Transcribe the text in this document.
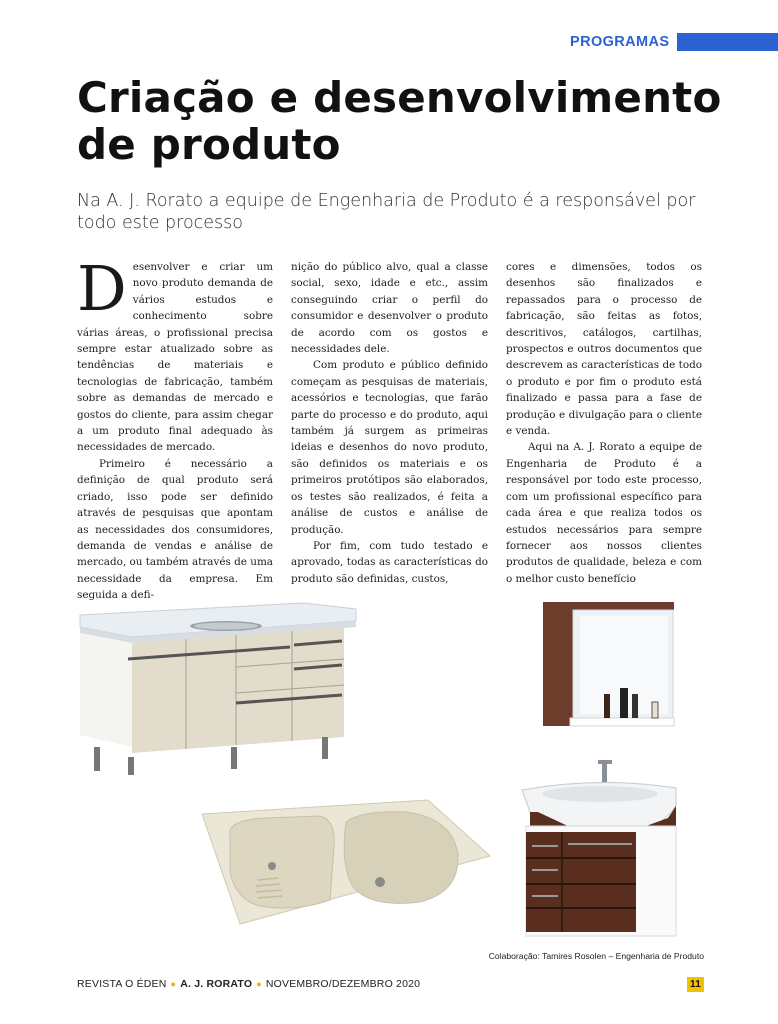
PROGRAMAS
Criação e desenvolvimento de produto

Na A. J. Rorato a equipe de Engenharia de Produto é a responsável por todo este processo

Desenvolver e criar um novo produto demanda de vários estudos e conhecimento sobre várias áreas, o profissional precisa sempre estar atualizado sobre as tendências de materiais e tecnologias de fabricação, também sobre as demandas de mercado e gostos do cliente, para assim chegar a um produto final adequado às necessidades de mercado.

Primeiro é necessário a definição de qual produto será criado, isso pode ser definido através de pesquisas que apontam as necessidades dos consumidores, demanda de vendas e análise de mercado, ou também através de uma necessidade da empresa. Em seguida a defi-

nição do público alvo, qual a classe social, sexo, idade e etc., assim conseguindo criar o perfil do consumidor e desenvolver o produto de acordo com os gostos e necessidades dele.

Com produto e público definido começam as pesquisas de materiais, acessórios e tecnologias, que farão parte do processo e do produto, aqui também já surgem as primeiras ideias e desenhos do novo produto, são definidos os materiais e os primeiros protótipos são elaborados, os testes são realizados, é feita a análise de custos e análise de produção.

Por fim, com tudo testado e aprovado, todas as características do produto são definidas, custos,

cores e dimensões, todos os desenhos são finalizados e repassados para o processo de fabricação, são feitas as fotos, descritivos, catálogos, cartilhas, prospectos e outros documentos que descrevem as características de todo o produto e por fim o produto está finalizado e passa para a fase de produção e divulgação para o cliente e venda.

Aqui na A. J. Rorato a equipe de Engenharia de Produto é a responsável por todo este processo, com um profissional específico para cada área e que realiza todos os estudos necessários para sempre fornecer aos nossos clientes produtos de qualidade, beleza e com o melhor custo benefício

Colaboração: Tamires Rosolen – Engenharia de Produto
REVISTA O ÉDEN ● A. J. RORATO ● NOVEMBRO/DEZEMBRO 2020	11
